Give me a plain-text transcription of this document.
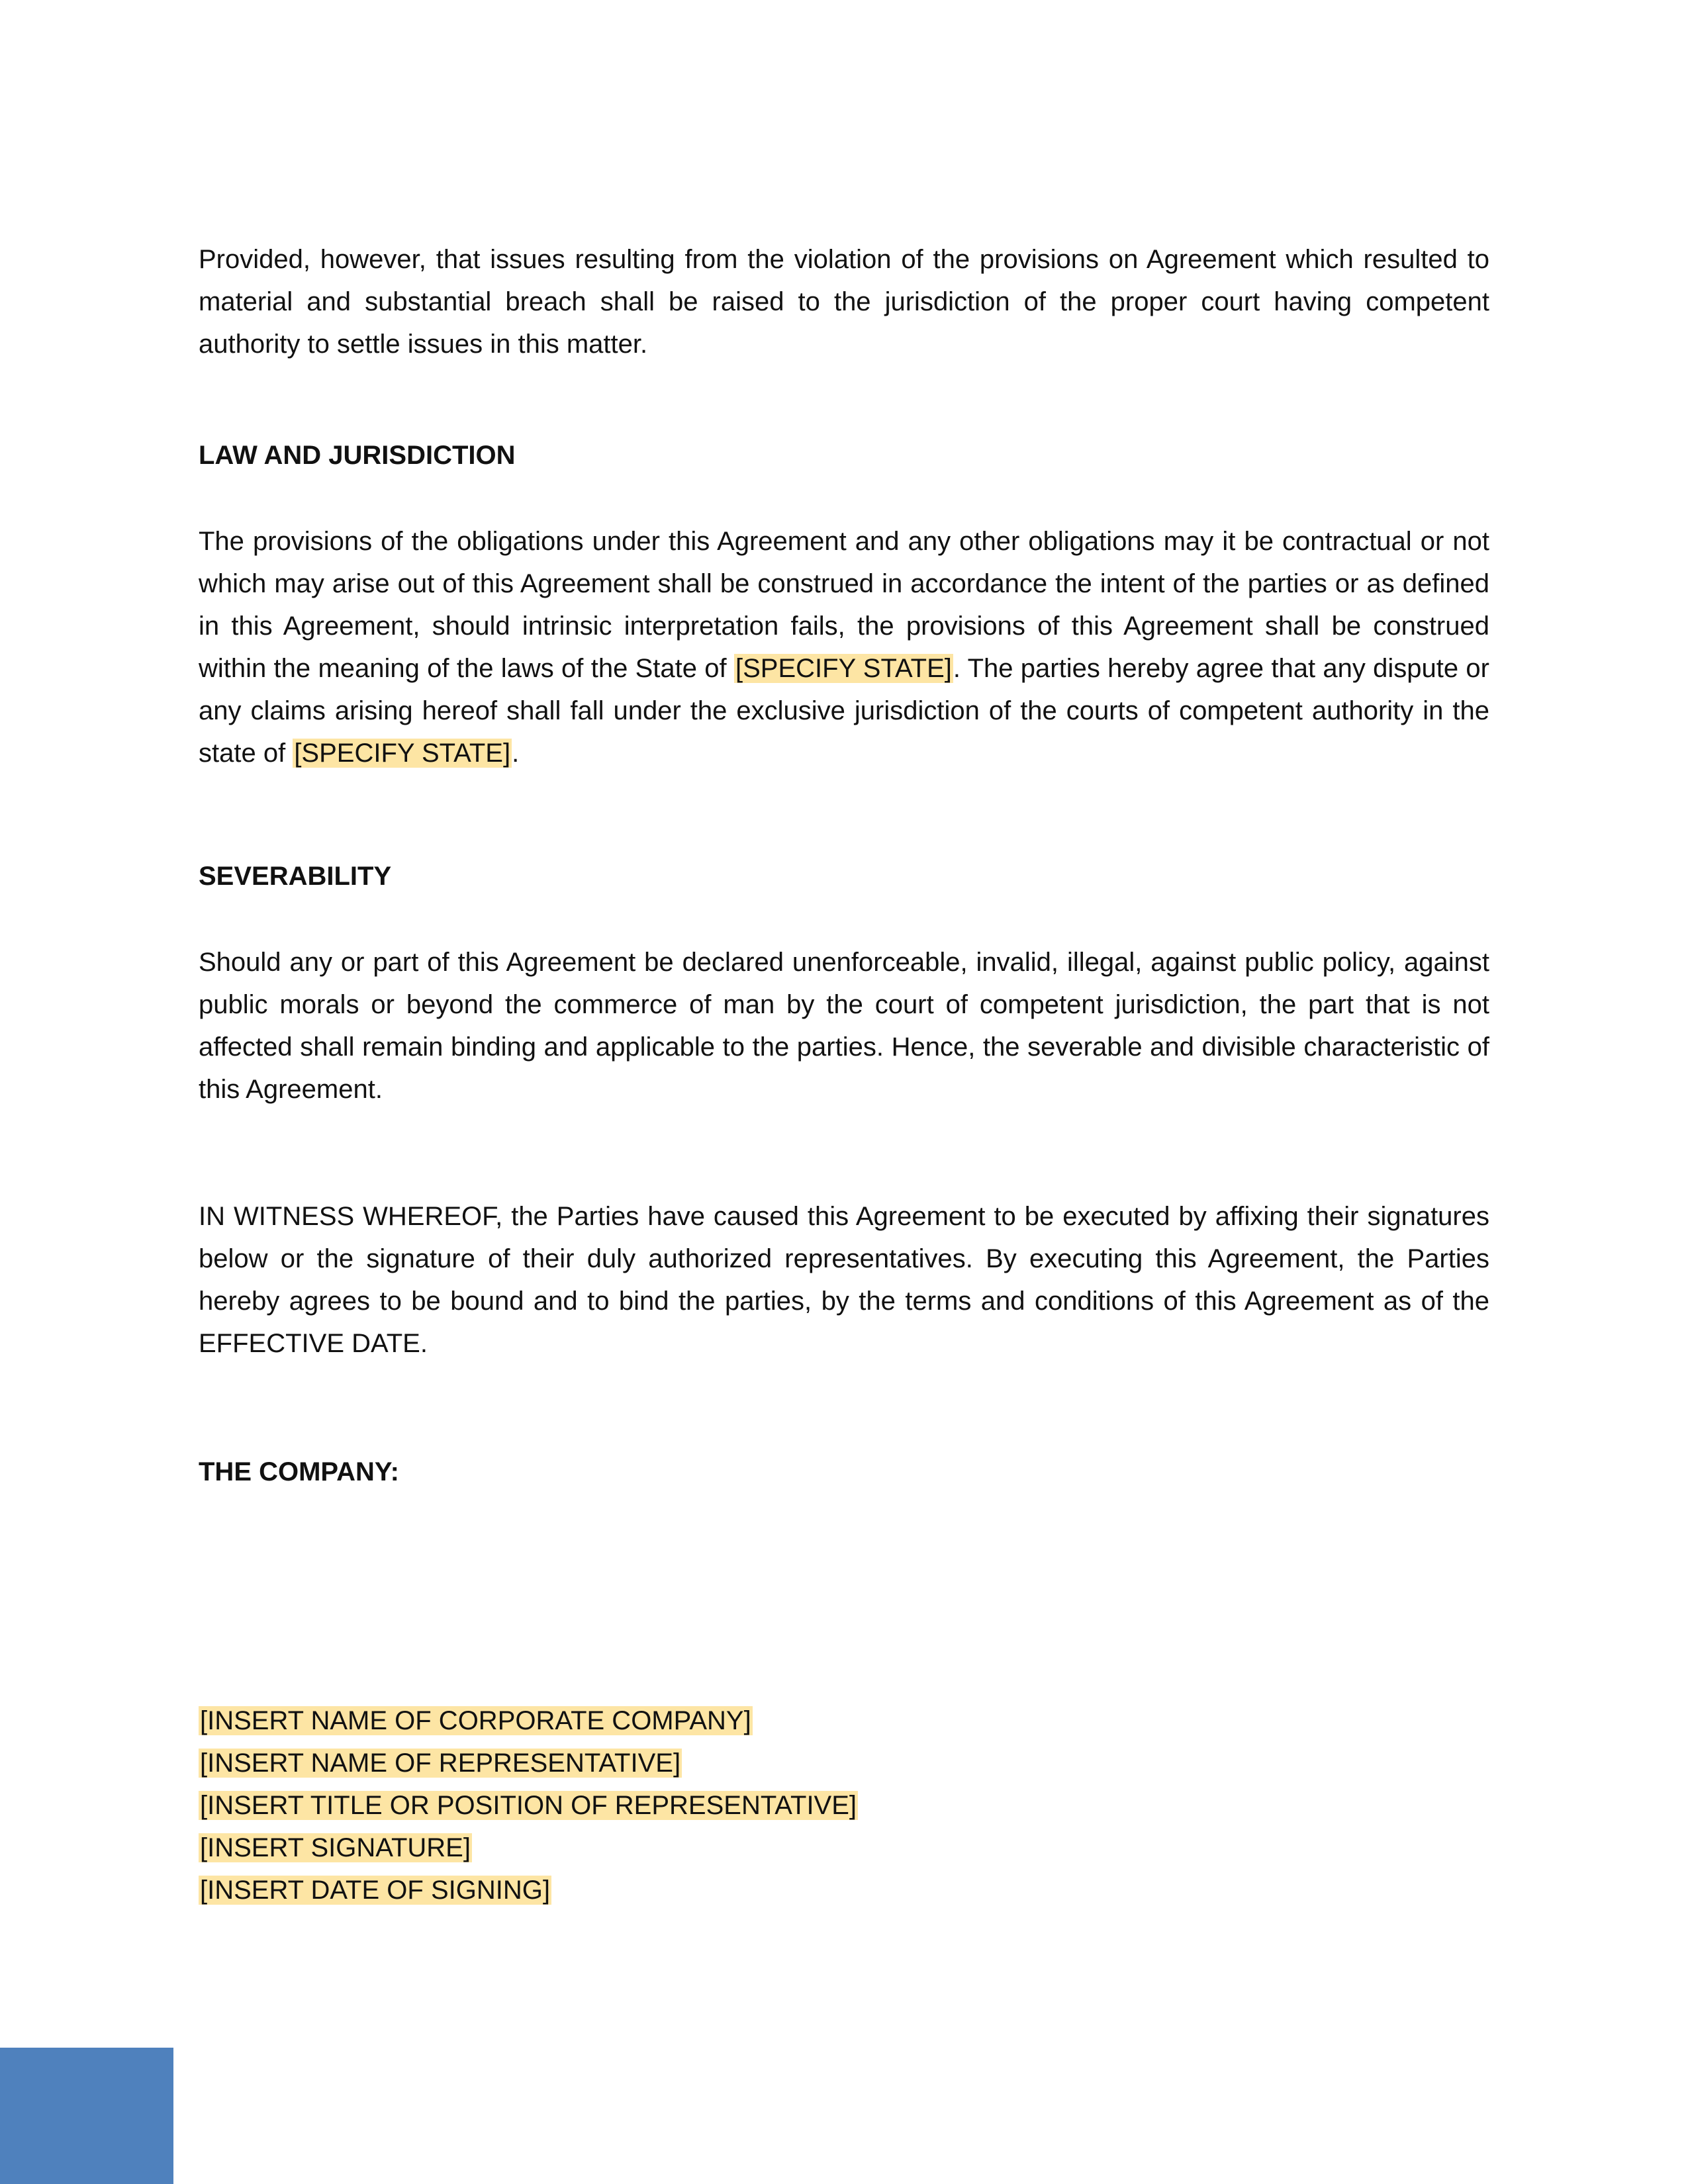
Provided, however, that issues resulting from the violation of the provisions on Agreement which resulted to material and substantial breach shall be raised to the jurisdiction of the proper court having competent authority to settle issues in this matter.

LAW AND JURISDICTION

The provisions of the obligations under this Agreement and any other obligations may it be contractual or not which may arise out of this Agreement shall be construed in accordance the intent of the parties or as defined in this Agreement, should intrinsic interpretation fails, the provisions of this Agreement shall be construed within the meaning of the laws of the State of [SPECIFY STATE]. The parties hereby agree that any dispute or any claims arising hereof shall fall under the exclusive jurisdiction of the courts of competent authority in the state of [SPECIFY STATE].

SEVERABILITY

Should any or part of this Agreement be declared unenforceable, invalid, illegal, against public policy, against public morals or beyond the commerce of man by the court of competent jurisdiction, the part that is not affected shall remain binding and applicable to the parties. Hence, the severable and divisible characteristic of this Agreement.

IN WITNESS WHEREOF, the Parties have caused this Agreement to be executed by affixing their signatures below or the signature of their duly authorized representatives. By executing this Agreement, the Parties hereby agrees to be bound and to bind the parties, by the terms and conditions of this Agreement as of the EFFECTIVE DATE.

THE COMPANY:

[INSERT NAME OF CORPORATE COMPANY]
[INSERT NAME OF REPRESENTATIVE]
[INSERT TITLE OR POSITION OF REPRESENTATIVE]
[INSERT SIGNATURE]
[INSERT DATE OF SIGNING]
